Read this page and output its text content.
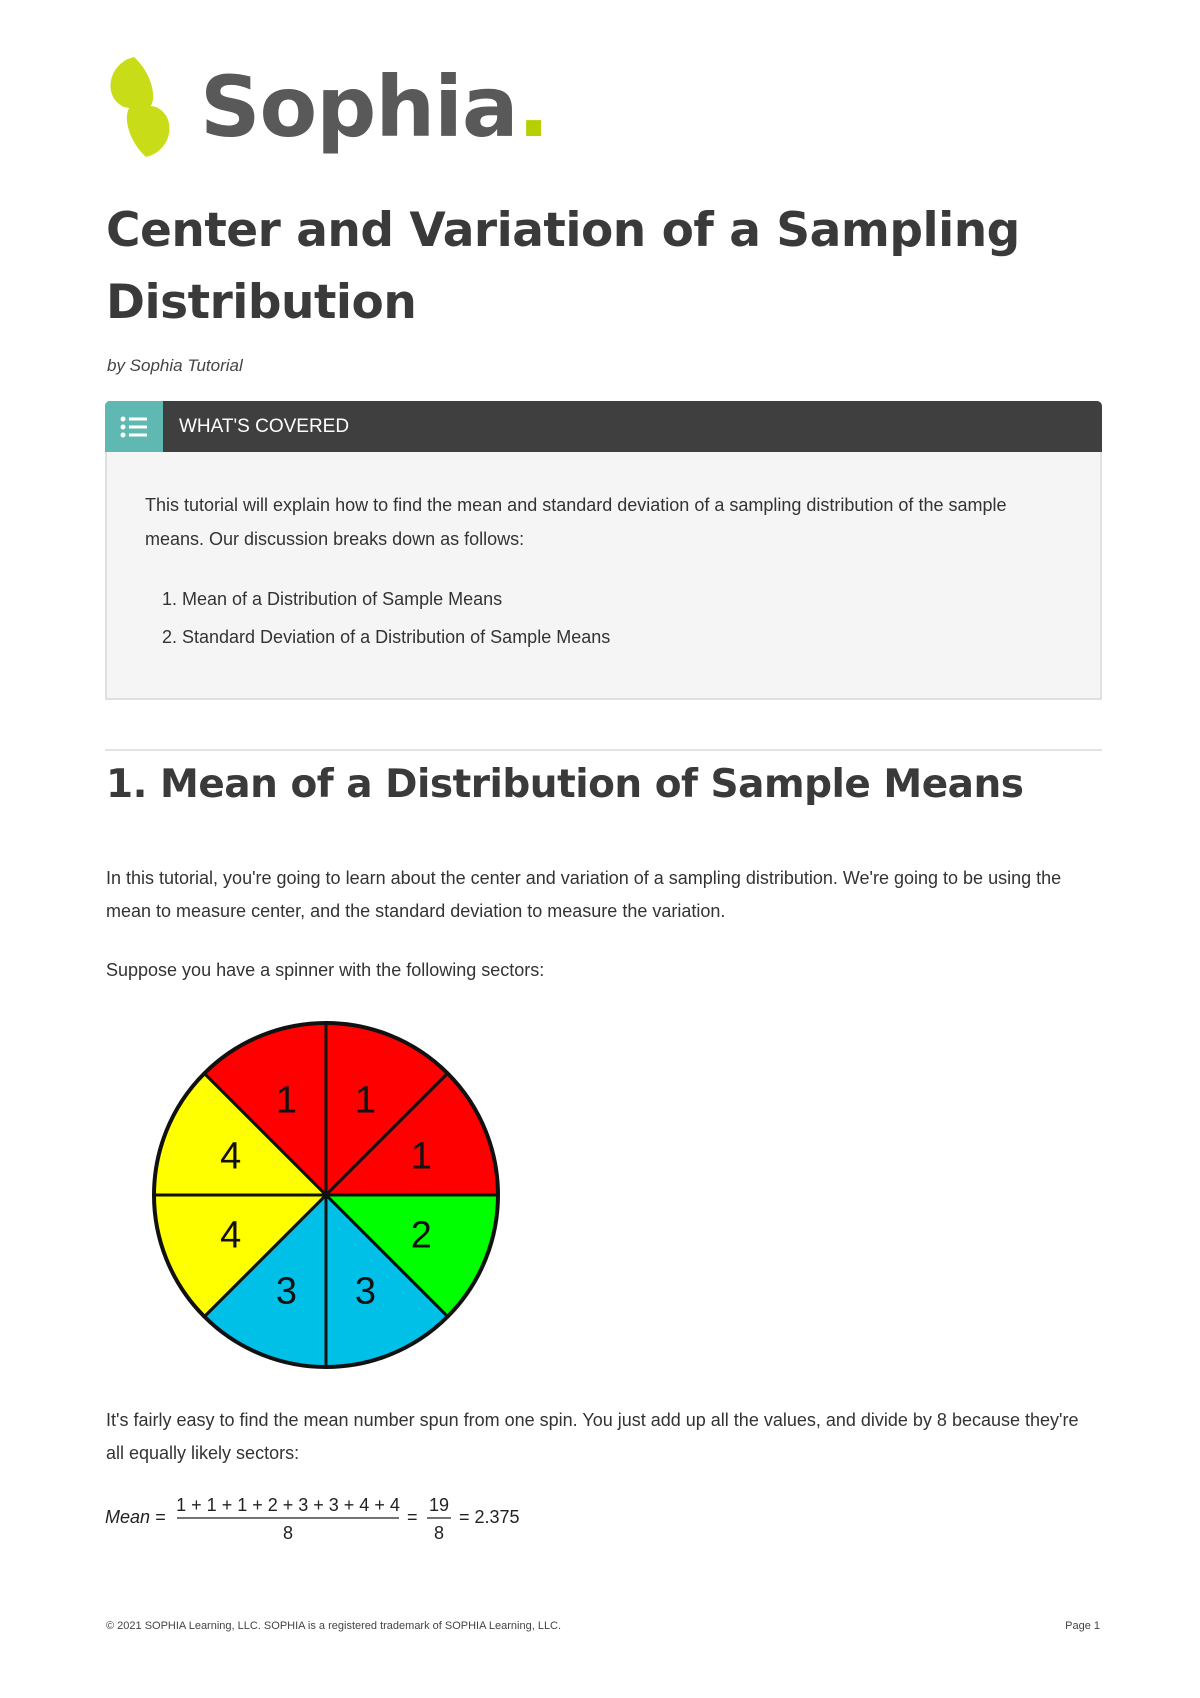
Sophia.
Center and Variation of a Sampling Distribution
by Sophia Tutorial
WHAT'S COVERED

This tutorial will explain how to find the mean and standard deviation of a sampling distribution of the sample means. Our discussion breaks down as follows:

1. Mean of a Distribution of Sample Means
2. Standard Deviation of a Distribution of Sample Means
1. Mean of a Distribution of Sample Means

In this tutorial, you're going to learn about the center and variation of a sampling distribution. We're going to be using the mean to measure center, and the standard deviation to measure the variation.

Suppose you have a spinner with the following sectors:

1
1
2
3
3
4
4
1

It's fairly easy to find the mean number spun from one spin. You just add up all the values, and divide by 8 because they're all equally likely sectors:

Mean =
1 + 1 + 1 + 2 + 3 + 3 + 4 + 4
8
=
19
8
= 2.375
© 2021 SOPHIA Learning, LLC. SOPHIA is a registered trademark of SOPHIA Learning, LLC.	Page 1
